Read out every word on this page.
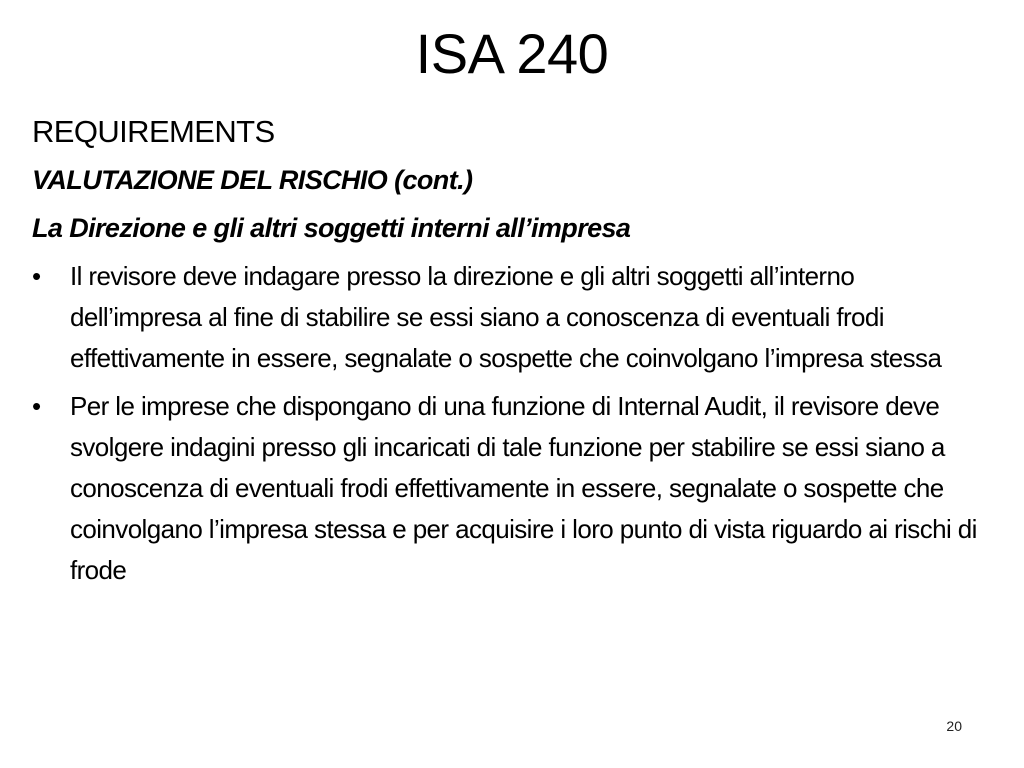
ISA 240

REQUIREMENTS

VALUTAZIONE DEL RISCHIO (cont.)

La Direzione e gli altri soggetti interni all’impresa

• Il revisore deve indagare presso la direzione e gli altri soggetti all’interno dell’impresa al fine di stabilire se essi siano a conoscenza di eventuali frodi effettivamente in essere, segnalate o sospette che coinvolgano l’impresa stessa
• Per le imprese che dispongano di una funzione di Internal Audit, il revisore deve svolgere indagini presso gli incaricati di tale funzione per stabilire se essi siano a conoscenza di eventuali frodi effettivamente in essere, segnalate o sospette che coinvolgano l’impresa stessa e per acquisire i loro punto di vista riguardo ai rischi di frode
20
